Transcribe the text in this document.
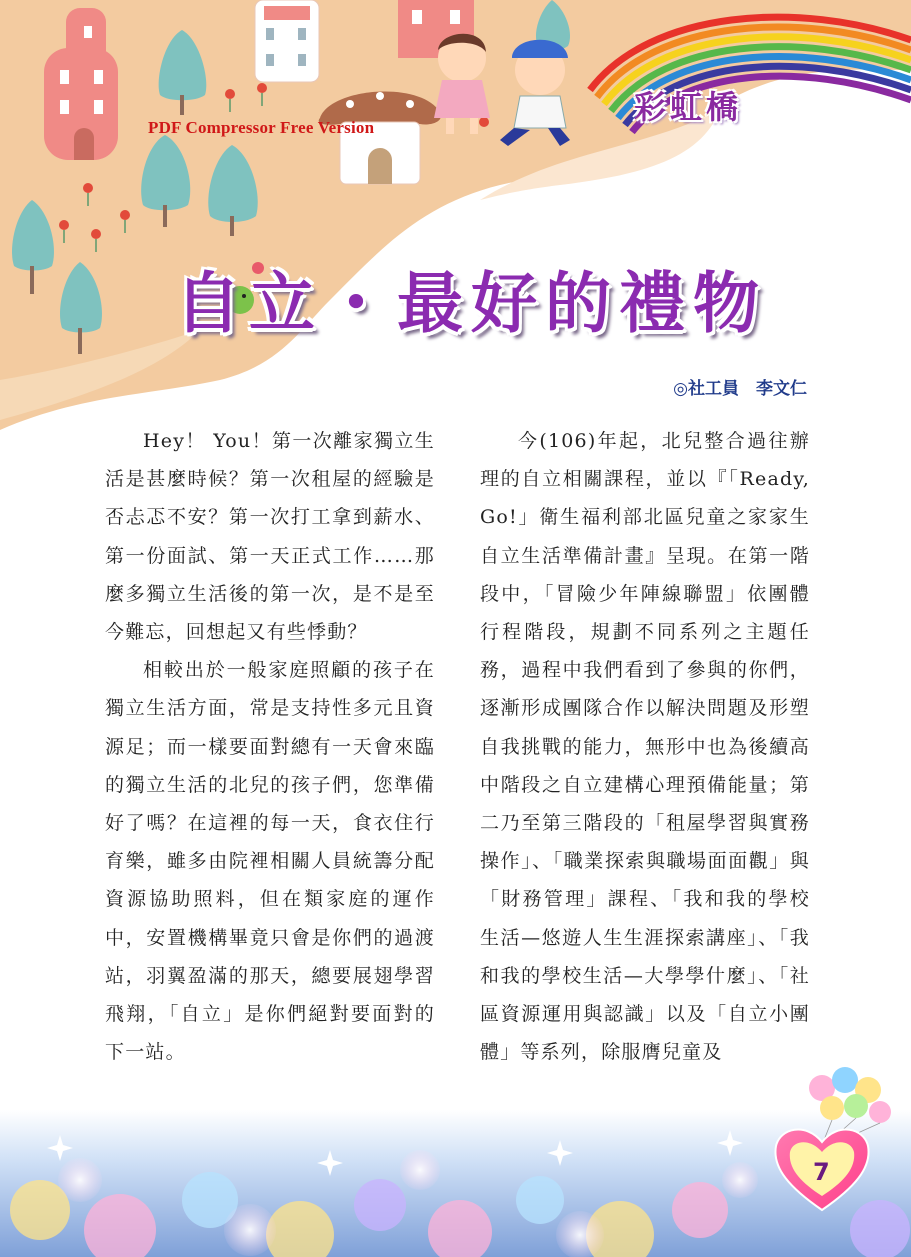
PDF Compressor Free Version
彩虹橋
自立・最好的禮物
◎社工員　李文仁

Hey！ You！第一次離家獨立生活是甚麼時候？第一次租屋的經驗是否忐忑不安？第一次打工拿到薪水、第一份面試、第一天正式工作……那麼多獨立生活後的第一次，是不是至今難忘，回想起又有些悸動？

相較出於一般家庭照顧的孩子在獨立生活方面，常是支持性多元且資源足；而一樣要面對總有一天會來臨的獨立生活的北兒的孩子們，您準備好了嗎？在這裡的每一天，食衣住行育樂，雖多由院裡相關人員統籌分配資源協助照料，但在類家庭的運作中，安置機構畢竟只會是你們的過渡站，羽翼盈滿的那天，總要展翅學習飛翔，「自立」是你們絕對要面對的下一站。

今(106)年起，北兒整合過往辦理的自立相關課程，並以『「Ready, Go!」衛生福利部北區兒童之家家生自立生活準備計畫』呈現。在第一階段中，「冒險少年陣線聯盟」依團體行程階段，規劃不同系列之主題任務，過程中我們看到了參與的你們，逐漸形成團隊合作以解決問題及形塑自我挑戰的能力，無形中也為後續高中階段之自立建構心理預備能量；第二乃至第三階段的「租屋學習與實務操作」、「職業探索與職場面面觀」與「財務管理」課程、「我和我的學校生活—悠遊人生生涯探索講座」、「我和我的學校生活—大學學什麼」、「社區資源運用與認識」以及「自立小團體」等系列，除服膺兒童及

7
